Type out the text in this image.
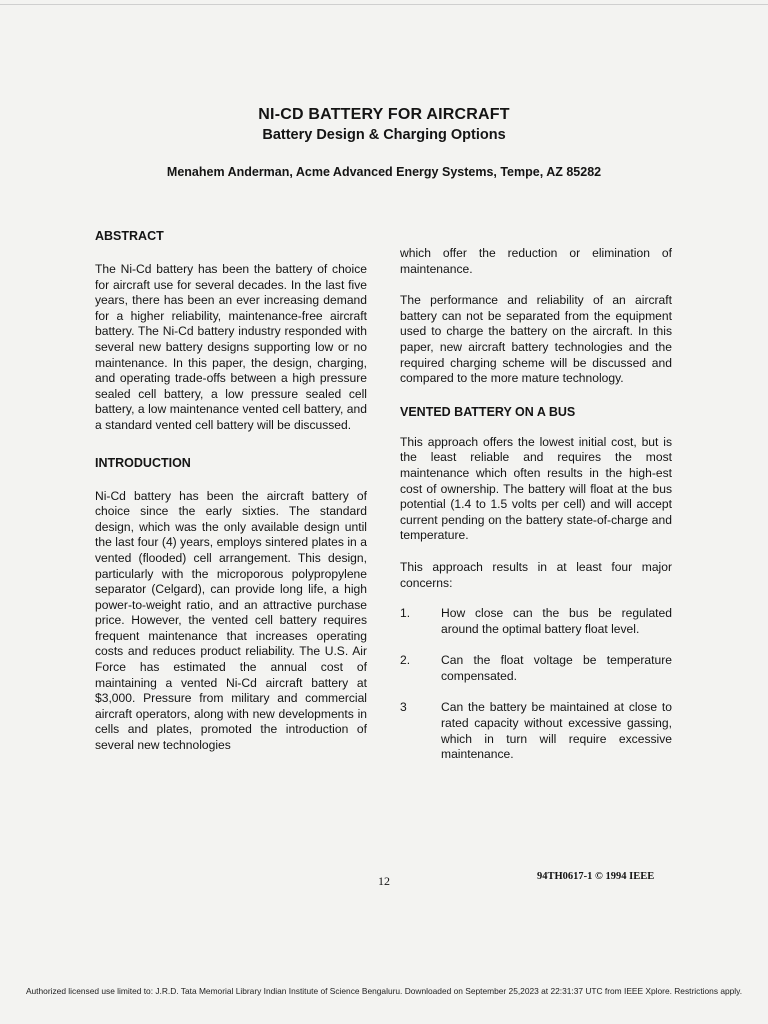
NI-CD BATTERY FOR AIRCRAFT
Battery Design & Charging Options
Menahem Anderman, Acme Advanced Energy Systems, Tempe, AZ 85282
ABSTRACT

The Ni-Cd battery has been the battery of choice for aircraft use for several decades. In the last five years, there has been an ever increasing demand for a higher reliability, maintenance-free aircraft battery. The Ni-Cd battery industry responded with several new battery designs supporting low or no maintenance. In this paper, the design, charging, and operating trade-offs between a high pressure sealed cell battery, a low pressure sealed cell battery, a low maintenance vented cell battery, and a standard vented cell battery will be discussed.

INTRODUCTION

Ni-Cd battery has been the aircraft battery of choice since the early sixties. The standard design, which was the only available design until the last four (4) years, employs sintered plates in a vented (flooded) cell arrangement. This design, particularly with the microporous polypropylene separator (Celgard), can provide long life, a high power-to-weight ratio, and an attractive purchase price. However, the vented cell battery requires frequent maintenance that increases operating costs and reduces product reliability. The U.S. Air Force has estimated the annual cost of maintaining a vented Ni-Cd aircraft battery at $3,000. Pressure from military and commercial aircraft operators, along with new developments in cells and plates, promoted the introduction of several new technologies

which offer the reduction or elimination of maintenance.

The performance and reliability of an aircraft battery can not be separated from the equipment used to charge the battery on the aircraft. In this paper, new aircraft battery technologies and the required charging scheme will be discussed and compared to the more mature technology.

VENTED BATTERY ON A BUS

This approach offers the lowest initial cost, but is the least reliable and requires the most maintenance which often results in the high-est cost of ownership. The battery will float at the bus potential (1.4 to 1.5 volts per cell) and will accept current pending on the battery state-of-charge and temperature.

This approach results in at least four major concerns:

1.	How close can the bus be regulated around the optimal battery float level.
2.	Can the float voltage be temperature compensated.
3	Can the battery be maintained at close to rated capacity without excessive gassing, which in turn will require excessive maintenance.
12	94TH0617-1 © 1994 IEEE
Authorized licensed use limited to: J.R.D. Tata Memorial Library Indian Institute of Science Bengaluru. Downloaded on September 25,2023 at 22:31:37 UTC from IEEE Xplore. Restrictions apply.
